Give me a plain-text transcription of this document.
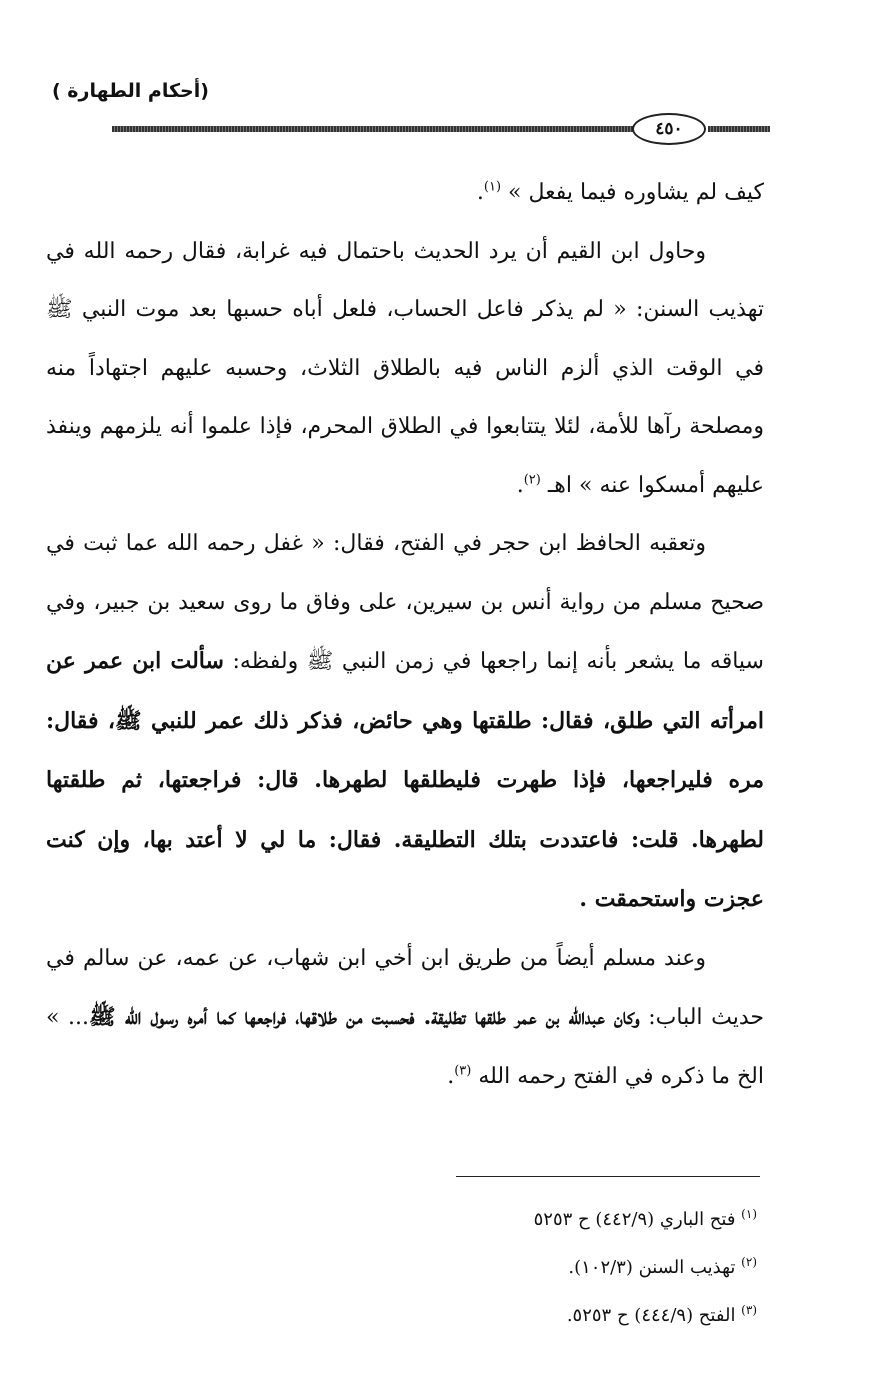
(أحكام الطهارة )
٤٥٠

كيف لم يشاوره فيما يفعل » $^{(١)}$.

وحاول ابن القيم أن يرد الحديث باحتمال فيه غرابة، فقال رحمه الله في تهذيب السنن: « لم يذكر فاعل الحساب، فلعل أباه حسبها بعد موت النبي ﷺ في الوقت الذي ألزم الناس فيه بالطلاق الثلاث، وحسبه عليهم اجتهاداً منه ومصلحة رآها للأمة، لئلا يتتابعوا في الطلاق المحرم، فإذا علموا أنه يلزمهم وينفذ عليهم أمسكوا عنه » اهـ $^{(٢)}$.

وتعقبه الحافظ ابن حجر في الفتح، فقال: « غفل رحمه الله عما ثبت في صحيح مسلم من رواية أنس بن سيرين، على وفاق ما روى سعيد بن جبير، وفي سياقه ما يشعر بأنه إنما راجعها في زمن النبي ﷺ ولفظه: سألت ابن عمر عن امرأته التي طلق، فقال: طلقتها وهي حائض، فذكر ذلك عمر للنبي ﷺ، فقال: مره فليراجعها، فإذا طهرت فليطلقها لطهرها. قال: فراجعتها، ثم طلقتها لطهرها. قلت: فاعتددت بتلك التطليقة. فقال: ما لي لا أعتد بها، وإن كنت عجزت واستحمقت .

وعند مسلم أيضاً من طريق ابن أخي ابن شهاب، عن عمه، عن سالم في حديث الباب: وكان عبدالله بن عمر طلقها تطليقة. فحسبت من طلاقها، فراجعها كما أمره رسول الله ﷺ... » الخ ما ذكره في الفتح رحمه الله $^{(٣)}$.

$^{(١)}$ فتح الباري (٤٤٢/٩) ح ٥٢٥٣
$^{(٢)}$ تهذيب السنن (١٠٢/٣).
$^{(٣)}$ الفتح (٤٤٤/٩) ح ٥٢٥٣.
